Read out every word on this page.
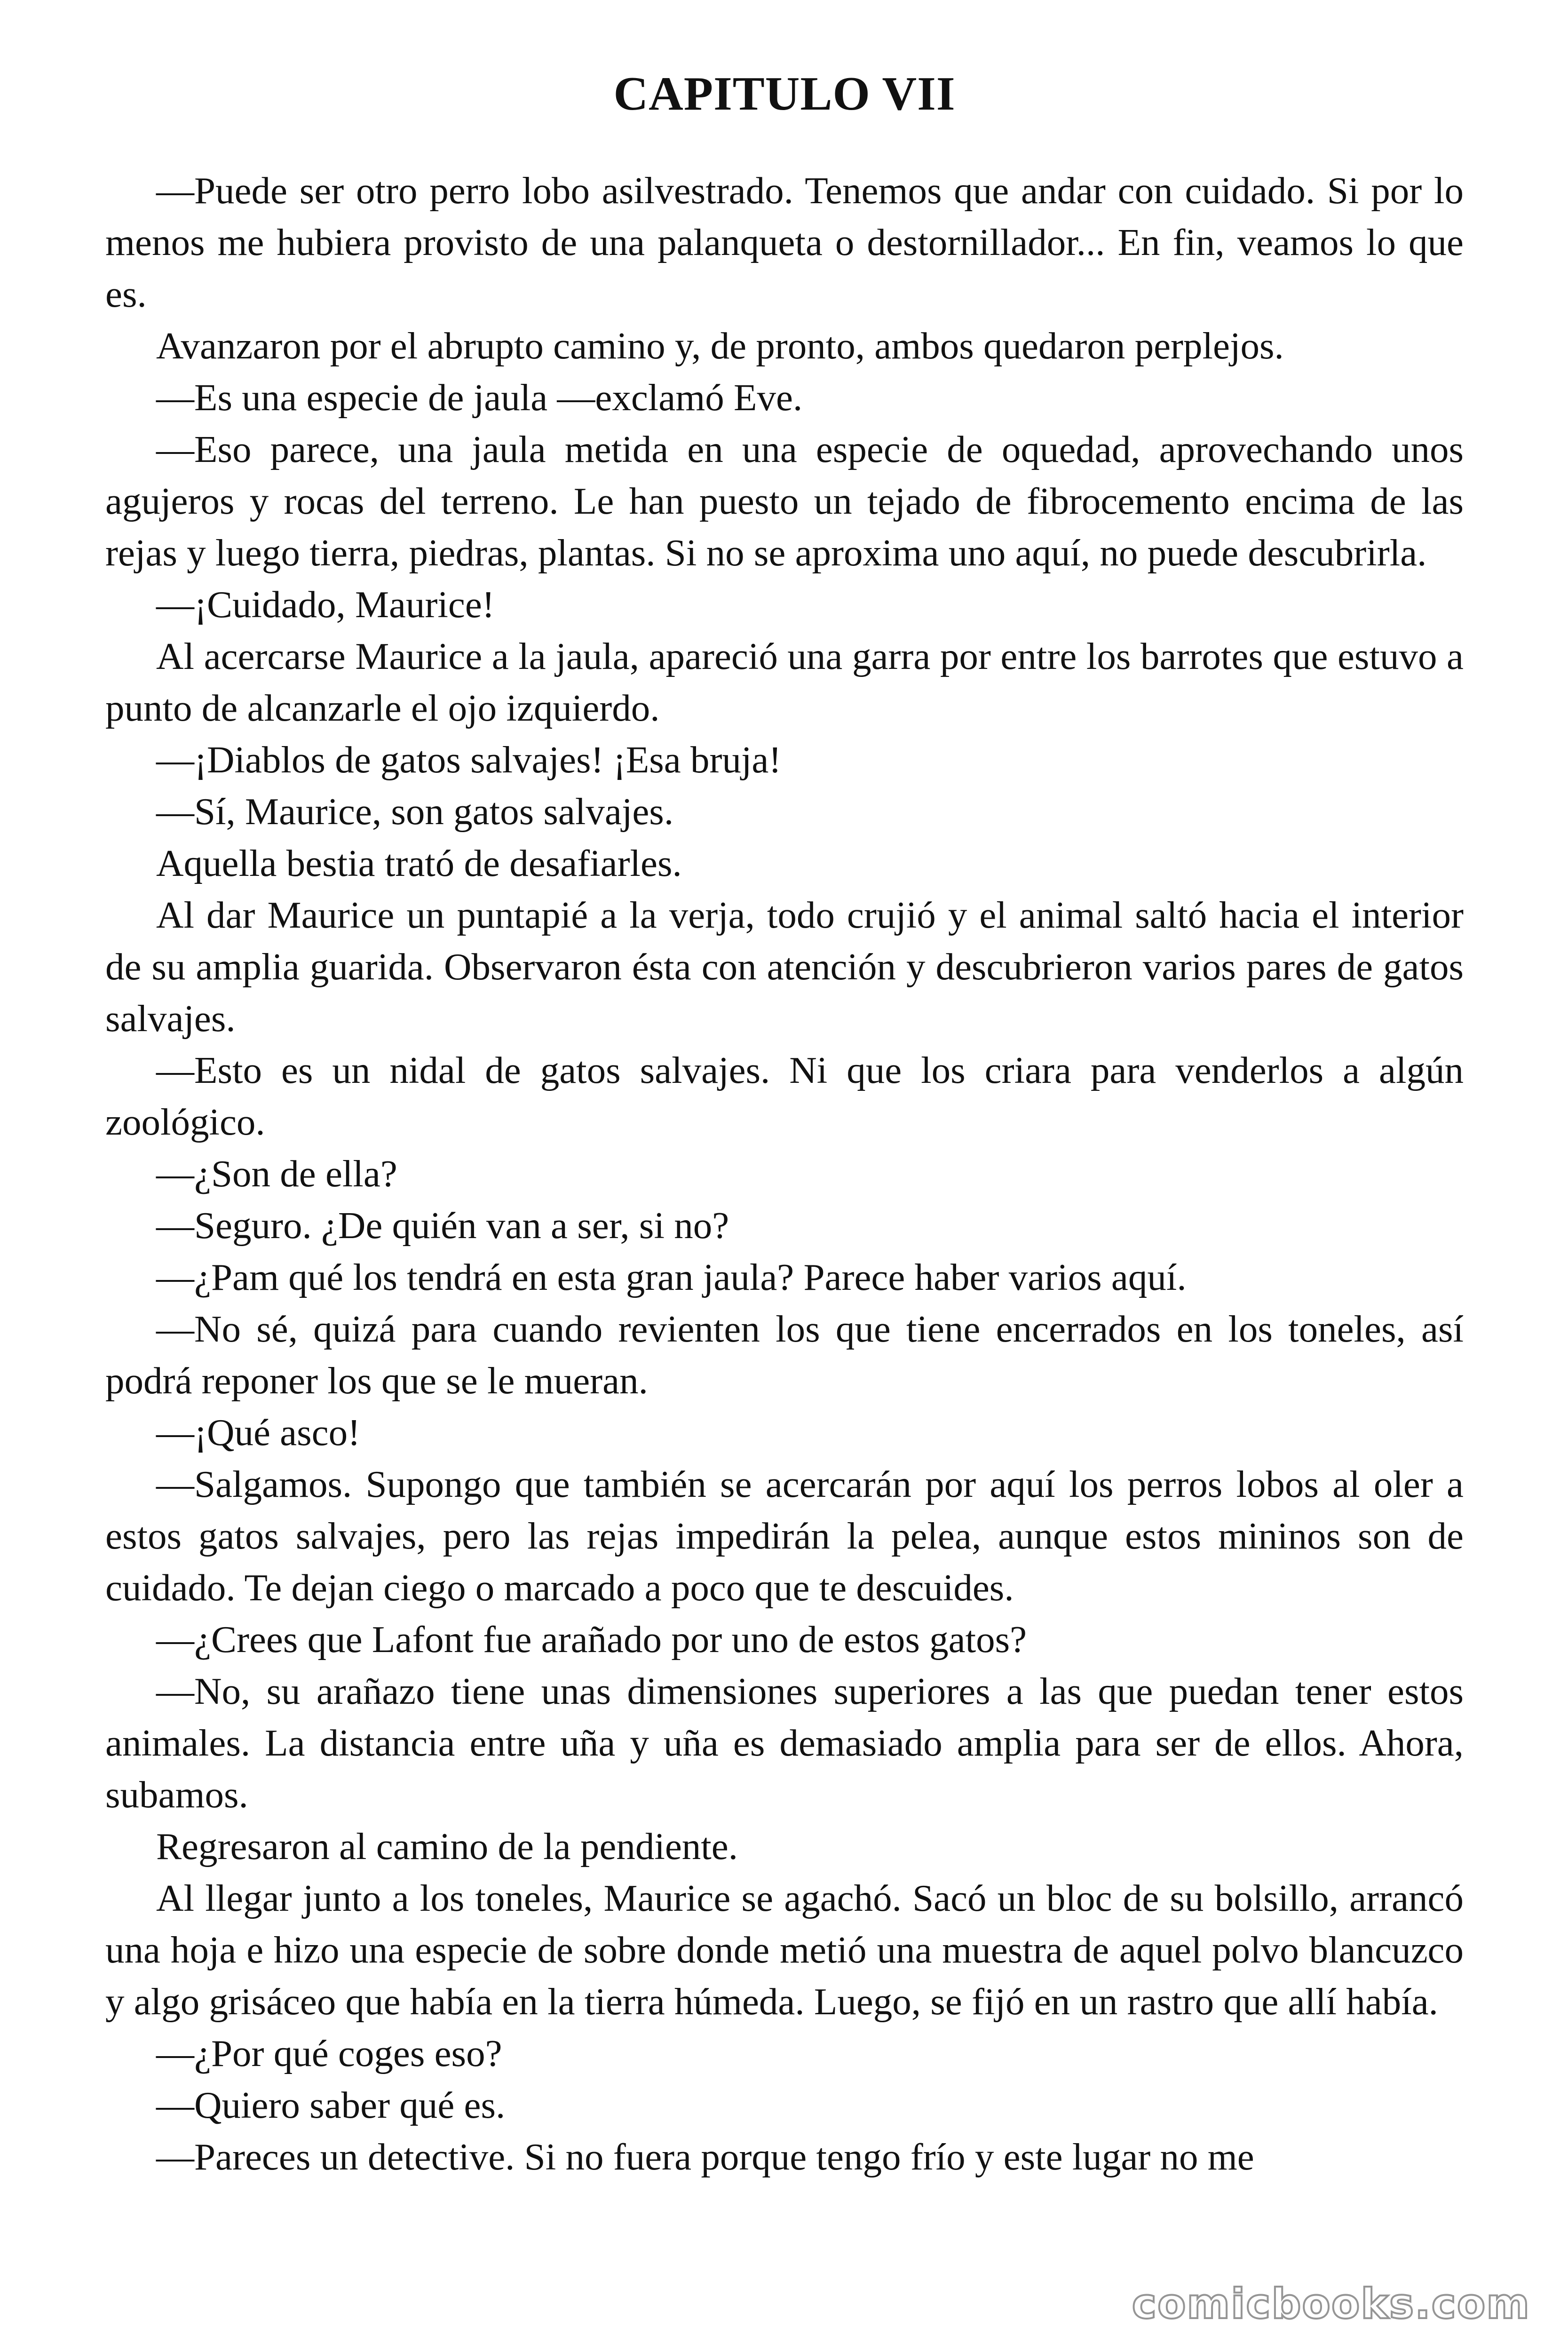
CAPITULO VII

—Puede ser otro perro lobo asilvestrado. Tenemos que andar con cuidado. Si por lo menos me hubiera provisto de una palanqueta o destornillador... En fin, veamos lo que es.

Avanzaron por el abrupto camino y, de pronto, ambos quedaron perplejos.

—Es una especie de jaula —exclamó Eve.

—Eso parece, una jaula metida en una especie de oquedad, aprovechando unos agujeros y rocas del terreno. Le han puesto un tejado de fibrocemento encima de las rejas y luego tierra, piedras, plantas. Si no se aproxima uno aquí, no puede descubrirla.

—¡Cuidado, Maurice!

Al acercarse Maurice a la jaula, apareció una garra por entre los barrotes que estuvo a punto de alcanzarle el ojo izquierdo.

—¡Diablos de gatos salvajes! ¡Esa bruja!

—Sí, Maurice, son gatos salvajes.

Aquella bestia trató de desafiarles.

Al dar Maurice un puntapié a la verja, todo crujió y el animal saltó hacia el interior de su amplia guarida. Observaron ésta con atención y descubrieron varios pares de gatos salvajes.

—Esto es un nidal de gatos salvajes. Ni que los criara para venderlos a algún zoológico.

—¿Son de ella?

—Seguro. ¿De quién van a ser, si no?

—¿Pam qué los tendrá en esta gran jaula? Parece haber varios aquí.

—No sé, quizá para cuando revienten los que tiene encerrados en los toneles, así podrá reponer los que se le mueran.

—¡Qué asco!

—Salgamos. Supongo que también se acercarán por aquí los perros lobos al oler a estos gatos salvajes, pero las rejas impedirán la pelea, aunque estos mininos son de cuidado. Te dejan ciego o marcado a poco que te descuides.

—¿Crees que Lafont fue arañado por uno de estos gatos?

—No, su arañazo tiene unas dimensiones superiores a las que puedan tener estos animales. La distancia entre uña y uña es demasiado amplia para ser de ellos. Ahora, subamos.

Regresaron al camino de la pendiente.

Al llegar junto a los toneles, Maurice se agachó. Sacó un bloc de su bolsillo, arrancó una hoja e hizo una especie de sobre donde metió una muestra de aquel polvo blancuzco y algo grisáceo que había en la tierra húmeda. Luego, se fijó en un rastro que allí había.

—¿Por qué coges eso?

—Quiero saber qué es.

—Pareces un detective. Si no fuera porque tengo frío y este lugar no me

comicbooks.com
